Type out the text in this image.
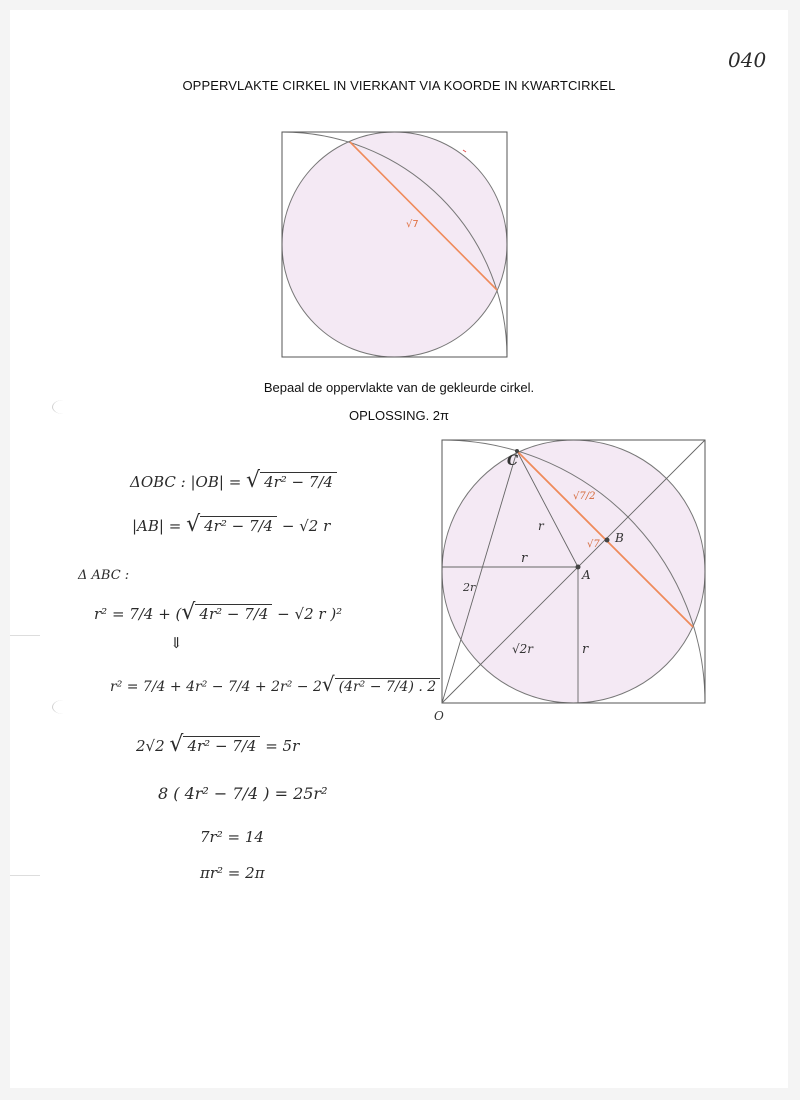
040
OPPERVLAKTE CIRKEL IN VIERKANT VIA KOORDE IN KWARTCIRKEL
√7
Bepaal de oppervlakte van de gekleurde cirkel.
OPLOSSING. 2π
C
B
A
O
√7/2
√7
r
r
2r
√2r	r
ΔOBC : |OB| = √ 4r² − 7/4
|AB| = √ 4r² − 7/4 − √2 r
Δ ABC :
r² = 7/4 + (√ 4r² − 7/4 − √2 r )²
⇓
r² = 7/4 + 4r² − 7/4 + 2r² − 2√ (4r² − 7/4) . 2
2√2 √ 4r² − 7/4 = 5r
8 ( 4r² − 7/4 ) = 25r²
7r² = 14
πr² = 2π
